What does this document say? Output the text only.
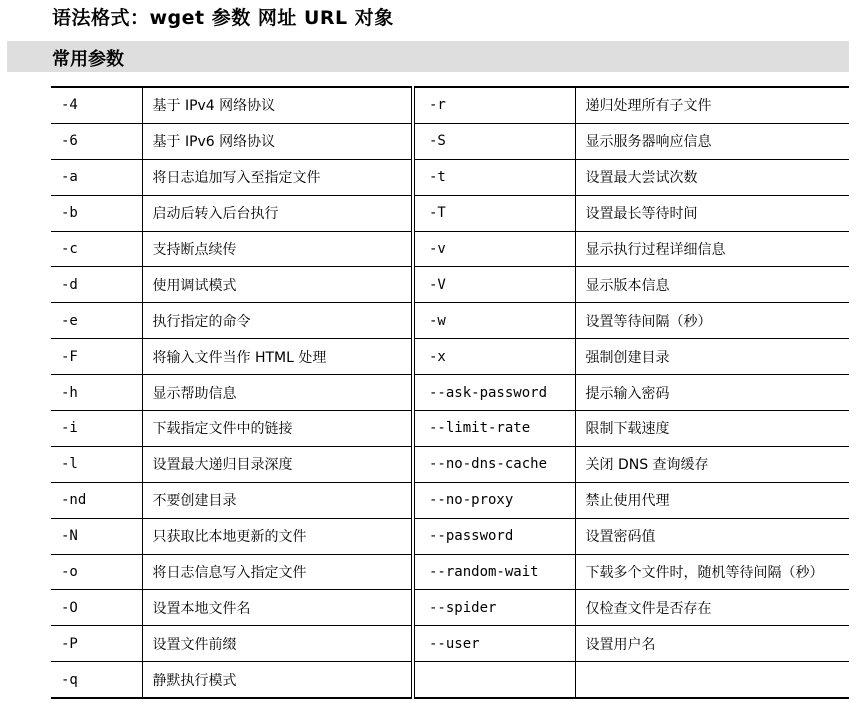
语法格式：wget 参数 网址 URL 对象
常用参数
-4	基于 IPv4 网络协议	-r	递归处理所有子文件
-6	基于 IPv6 网络协议	-S	显示服务器响应信息
-a	将日志追加写入至指定文件	-t	设置最大尝试次数
-b	启动后转入后台执行	-T	设置最长等待时间
-c	支持断点续传	-v	显示执行过程详细信息
-d	使用调试模式	-V	显示版本信息
-e	执行指定的命令	-w	设置等待间隔（秒）
-F	将输入文件当作 HTML 处理	-x	强制创建目录
-h	显示帮助信息	--ask-password	提示输入密码
-i	下载指定文件中的链接	--limit-rate	限制下载速度
-l	设置最大递归目录深度	--no-dns-cache	关闭 DNS 查询缓存
-nd	不要创建目录	--no-proxy	禁止使用代理
-N	只获取比本地更新的文件	--password	设置密码值
-o	将日志信息写入指定文件	--random-wait	下载多个文件时，随机等待间隔（秒）
-O	设置本地文件名	--spider	仅检查文件是否存在
-P	设置文件前缀	--user	设置用户名
-q	静默执行模式		
